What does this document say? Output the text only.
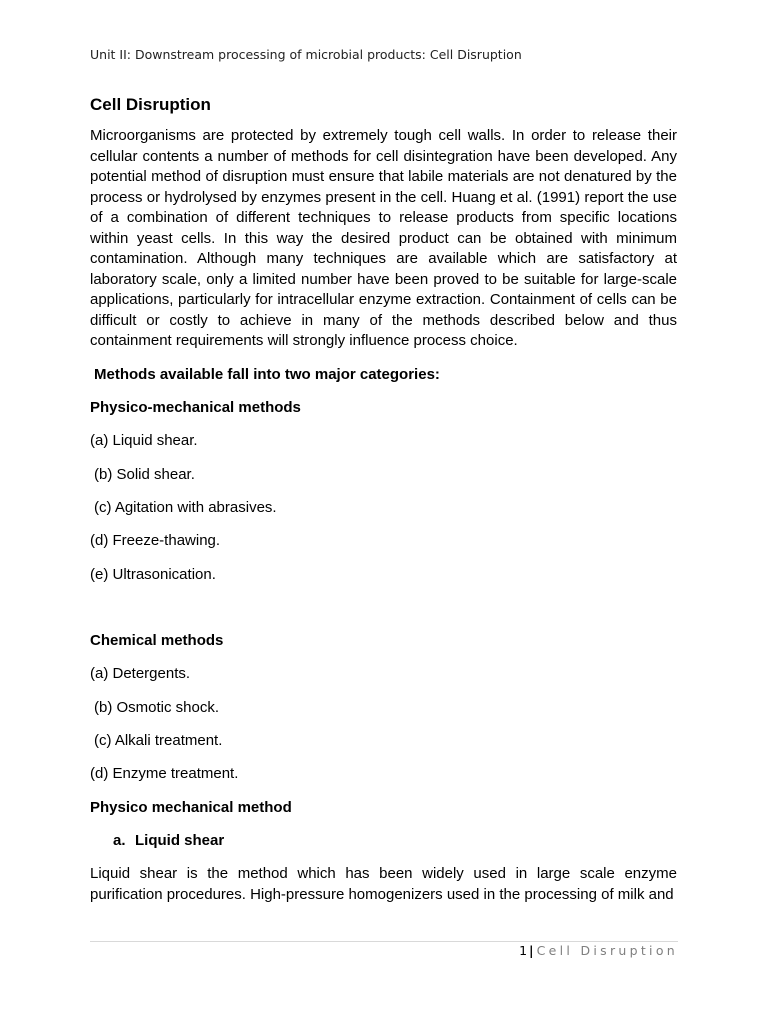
Unit II: Downstream processing of microbial products: Cell Disruption
Cell Disruption

Microorganisms are protected by extremely tough cell walls. In order to release their cellular contents a number of methods for cell disintegration have been developed. Any potential method of disruption must ensure that labile materials are not denatured by the process or hydrolysed by enzymes present in the cell. Huang et al. (1991) report the use of a combination of different techniques to release products from specific locations within yeast cells. In this way the desired product can be obtained with minimum contamination. Although many techniques are available which are satisfactory at laboratory scale, only a limited number have been proved to be suitable for large-scale applications, particularly for intracellular enzyme extraction. Containment of cells can be difficult or costly to achieve in many of the methods described below and thus containment requirements will strongly influence process choice.

Methods available fall into two major categories:
Physico-mechanical methods
(a) Liquid shear.
(b) Solid shear.
(c) Agitation with abrasives.
(d) Freeze-thawing.
(e) Ultrasonication.
Chemical methods
(a) Detergents.
(b) Osmotic shock.
(c) Alkali treatment.
(d) Enzyme treatment.
Physico mechanical method
a. Liquid shear

Liquid shear is the method which has been widely used in large scale enzyme purification procedures. High-pressure homogenizers used in the processing of milk and

1 | Cell Disruption
